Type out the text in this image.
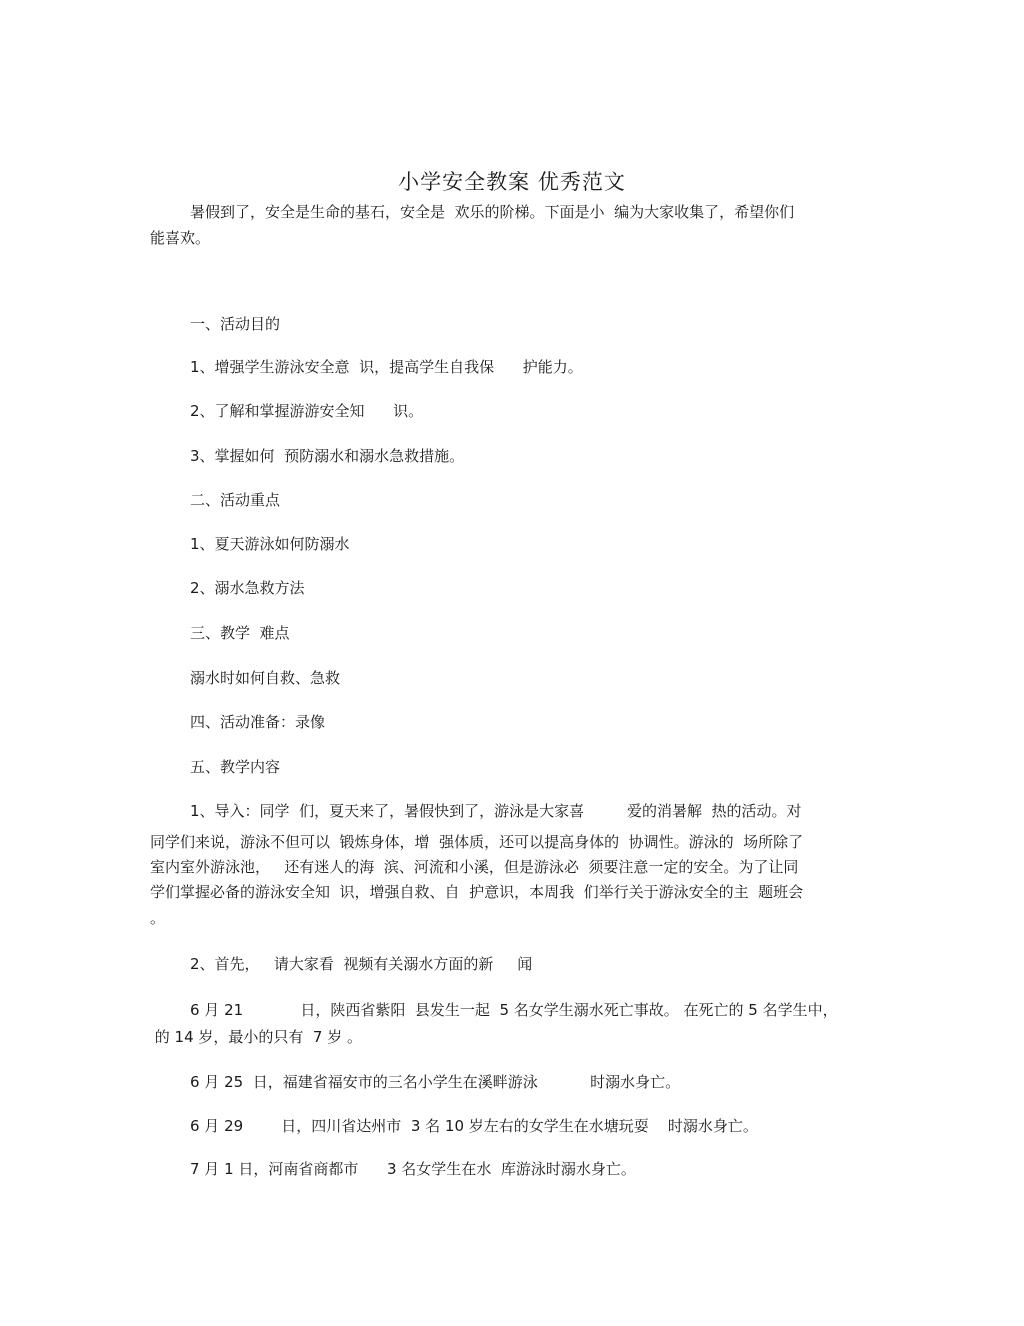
小学安全教案 优秀范文
暑假到了，安全是生命的基石，安全是  欢乐的阶梯。下面是小  编为大家收集了，希望你们
能喜欢。
一、活动目的
1、增强学生游泳安全意  识，提高学生自我保      护能力。
2、了解和掌握游游安全知      识。
3、掌握如何  预防溺水和溺水急救措施。
二、活动重点
1、夏天游泳如何防溺水
2、溺水急救方法
三、教学  难点
溺水时如何自救、急救
四、活动准备：录像
五、教学内容
1、导入：同学  们，夏天来了，暑假快到了，游泳是大家喜         爱的消暑解  热的活动。对
同学们来说，游泳不但可以  锻炼身体，增  强体质，还可以提高身体的  协调性。游泳的  场所除了
室内室外游泳池，   还有迷人的海  滨、河流和小溪，但是游泳必  须要注意一定的安全。为了让同
学们掌握必备的游泳安全知  识，增强自救、自  护意识，本周我  们举行关于游泳安全的主  题班会
。
2、首先，   请大家看  视频有关溺水方面的新     闻
6 月 21            日，陕西省紫阳  县发生一起  5 名女学生溺水死亡事故。 在死亡的 5 名学生中，
的 14 岁，最小的只有  7 岁 。
6 月 25  日，福建省福安市的三名小学生在溪畔游泳           时溺水身亡。
6 月 29        日，四川省达州市  3 名 10 岁左右的女学生在水塘玩耍    时溺水身亡。
7 月 1 日，河南省商都市      3 名女学生在水  库游泳时溺水身亡。
